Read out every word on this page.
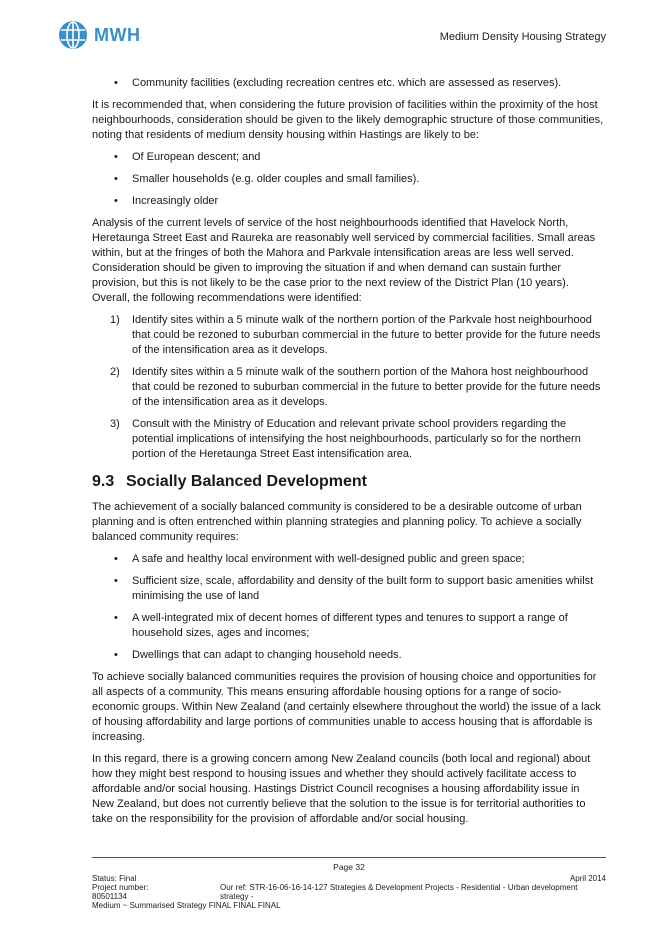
MWH .	Medium Density Housing Strategy
• Community facilities (excluding recreation centres etc. which are assessed as reserves).

It is recommended that, when considering the future provision of facilities within the proximity of the host neighbourhoods, consideration should be given to the likely demographic structure of those communities, noting that residents of medium density housing within Hastings are likely to be:

• Of European descent; and
• Smaller households (e.g. older couples and small families).
• Increasingly older

Analysis of the current levels of service of the host neighbourhoods identified that Havelock North, Heretaunga Street East and Raureka are reasonably well serviced by commercial facilities. Small areas within, but at the fringes of both the Mahora and Parkvale intensification areas are less well served. Consideration should be given to improving the situation if and when demand can sustain further provision, but this is not likely to be the case prior to the next review of the District Plan (10 years). Overall, the following recommendations were identified:

1) Identify sites within a 5 minute walk of the northern portion of the Parkvale host neighbourhood that could be rezoned to suburban commercial in the future to better provide for the future needs of the intensification area as it develops.
2) Identify sites within a 5 minute walk of the southern portion of the Mahora host neighbourhood that could be rezoned to suburban commercial in the future to better provide for the future needs of the intensification area as it develops.
3) Consult with the Ministry of Education and relevant private school providers regarding the potential implications of intensifying the host neighbourhoods, particularly so for the northern portion of the Heretaunga Street East intensification area.
9.3 Socially Balanced Development

The achievement of a socially balanced community is considered to be a desirable outcome of urban planning and is often entrenched within planning strategies and planning policy. To achieve a socially balanced community requires:

• A safe and healthy local environment with well-designed public and green space;
• Sufficient size, scale, affordability and density of the built form to support basic amenities whilst minimising the use of land
• A well-integrated mix of decent homes of different types and tenures to support a range of household sizes, ages and incomes;
• Dwellings that can adapt to changing household needs.

To achieve socially balanced communities requires the provision of housing choice and opportunities for all aspects of a community. This means ensuring affordable housing options for a range of socio-economic groups. Within New Zealand (and certainly elsewhere throughout the world) the issue of a lack of housing affordability and large portions of communities unable to access housing that is affordable is increasing.

In this regard, there is a growing concern among New Zealand councils (both local and regional) about how they might best respond to housing issues and whether they should actively facilitate access to affordable and/or social housing. Hastings District Council recognises a housing affordability issue in New Zealand, but does not currently believe that the solution to the issue is for territorial authorities to take on the responsibility for the provision of affordable and/or social housing.

Page 32
Status: Final	April 2014
Project number: 80501134
Our ref: STR-16-06-16-14-127 Strategies & Development Projects - Residential - Urban development strategy -
Medium ~ Summarised Strategy FINAL FINAL FINAL
